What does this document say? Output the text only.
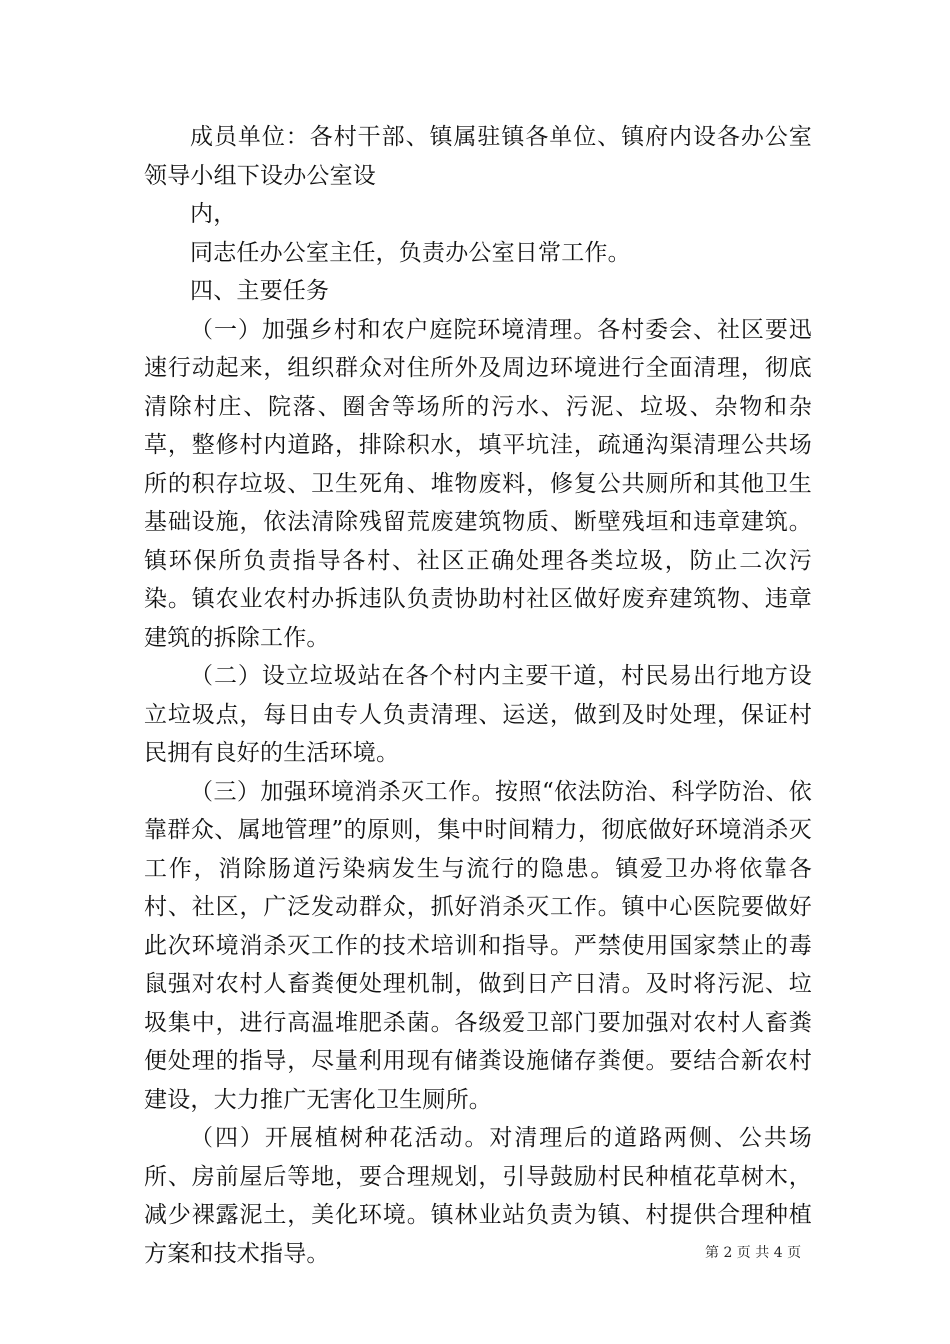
成员单位：各村干部、镇属驻镇各单位、镇府内设各办公室领导小组下设办公室设

内，

同志任办公室主任，负责办公室日常工作。

四、主要任务

（一）加强乡村和农户庭院环境清理。各村委会、社区要迅速行动起来，组织群众对住所外及周边环境进行全面清理，彻底清除村庄、院落、圈舍等场所的污水、污泥、垃圾、杂物和杂草，整修村内道路，排除积水，填平坑洼，疏通沟渠清理公共场所的积存垃圾、卫生死角、堆物废料，修复公共厕所和其他卫生基础设施，依法清除残留荒废建筑物质、断壁残垣和违章建筑。镇环保所负责指导各村、社区正确处理各类垃圾，防止二次污染。镇农业农村办拆违队负责协助村社区做好废弃建筑物、违章建筑的拆除工作。

（二）设立垃圾站在各个村内主要干道，村民易出行地方设立垃圾点，每日由专人负责清理、运送，做到及时处理，保证村民拥有良好的生活环境。

（三）加强环境消杀灭工作。按照“依法防治、科学防治、依靠群众、属地管理”的原则，集中时间精力，彻底做好环境消杀灭工作，消除肠道污染病发生与流行的隐患。镇爱卫办将依靠各村、社区，广泛发动群众，抓好消杀灭工作。镇中心医院要做好此次环境消杀灭工作的技术培训和指导。严禁使用国家禁止的毒鼠强对农村人畜粪便处理机制，做到日产日清。及时将污泥、垃圾集中，进行高温堆肥杀菌。各级爱卫部门要加强对农村人畜粪便处理的指导，尽量利用现有储粪设施储存粪便。要结合新农村建设，大力推广无害化卫生厕所。

（四）开展植树种花活动。对清理后的道路两侧、公共场所、房前屋后等地，要合理规划，引导鼓励村民种植花草树木，减少裸露泥土，美化环境。镇林业站负责为镇、村提供合理种植方案和技术指导。	第 2 页 共 4 页
